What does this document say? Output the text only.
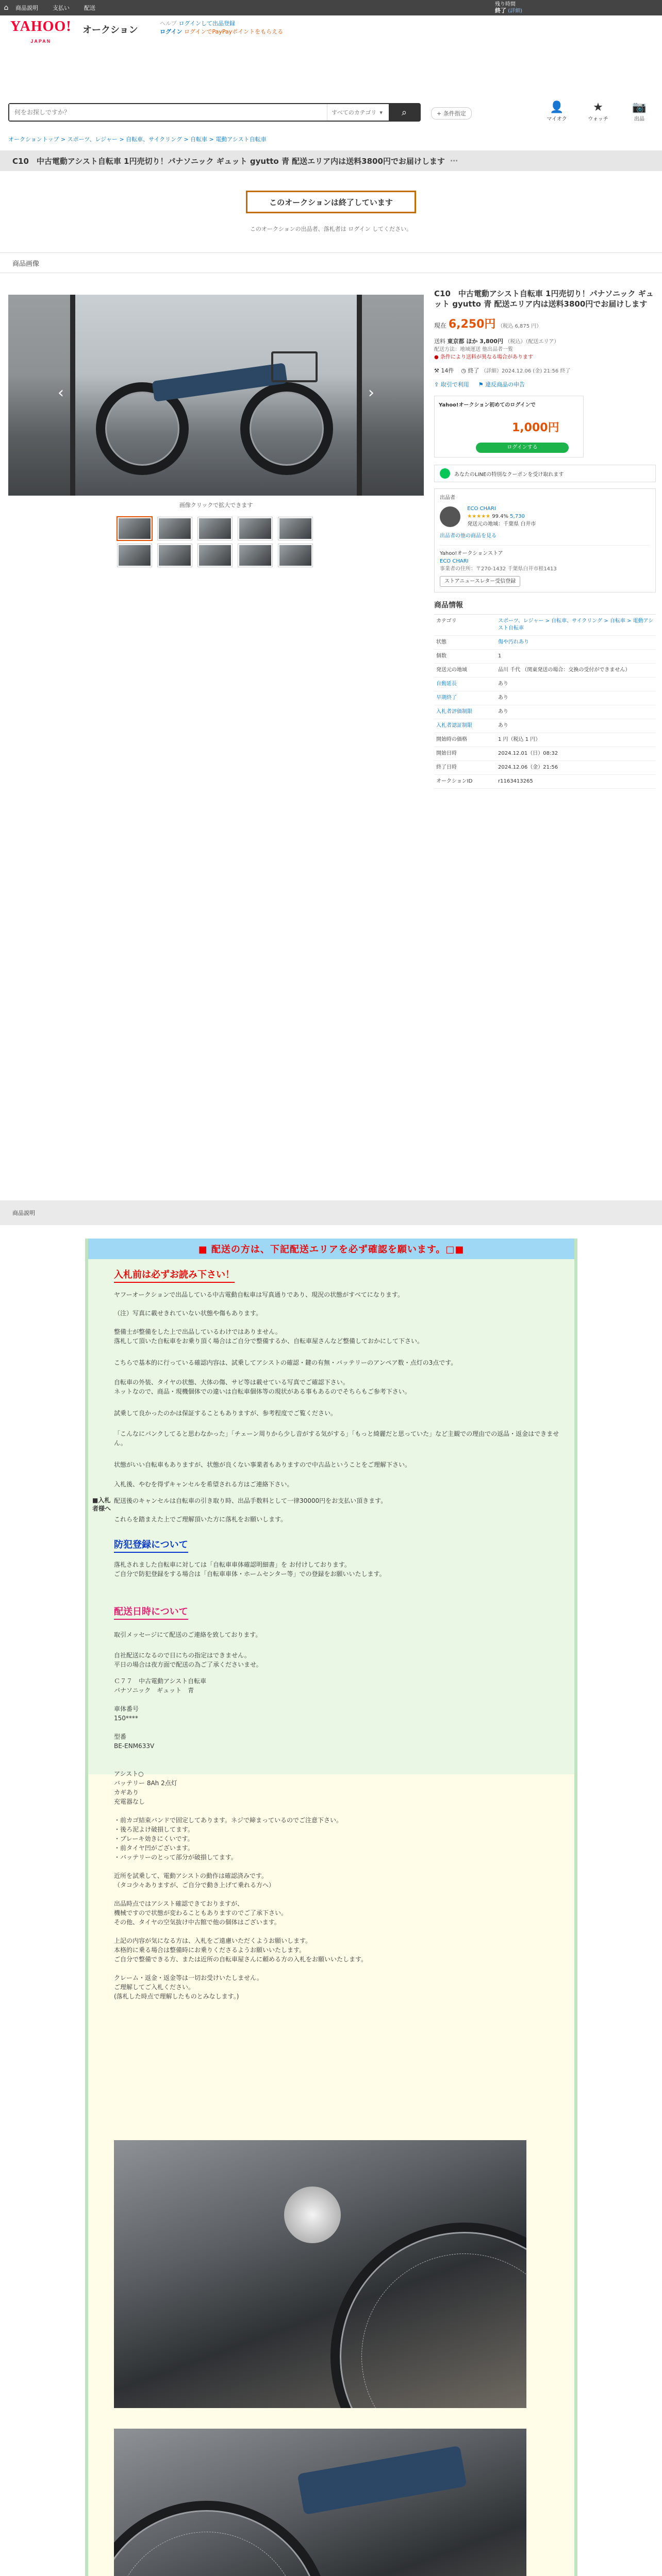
⌂	商品説明	支払い	配送
残り時間
終了 (詳細)
YAHOO!
JAPAN
オークション
ヘルプ ログインして出品登録
ログイン ログインでPayPayポイントをもらえる
何をお探しですか？
すべてのカテゴリ ▾ ⌕	+ 条件指定	👤
マイオク
★
ウォッチ
📷
出品
オークショントップ > スポーツ、レジャー > 自転車、サイクリング > 自転車 > 電動アシスト自転車
C10　中古電動アシスト自転車 1円売切り！パナソニック ギュット gyutto 青 配送エリア内は送料3800円でお届けします ⋯
このオークションは終了しています
このオークションの出品者、落札者は ログイン してください。
商品画像
‹	›
画像クリックで拡大できます
C10　中古電動アシスト自転車 1円売切り！パナソニック ギュット gyutto 青 配送エリア内は送料3800円でお届けします
現在 6,250円 （税込 6,875 円）
送料 東京都 ほか 3,800円 （税込）（配送エリア）
配送方法：地域運送 他出品者一覧
● 条件により送料が異なる場合があります
⚒ 14件 ◷ 終了 （詳細）2024.12.06 (金) 21:56 終了
⇪ 取引で利用 ⚑ 違反商品の申告
Yahoo!オークション初めてのログインで
1,000円
ログインする
あなたのLINEの特別なクーポンを受け取れます
出品者
ECO CHARI
★★★★★ 99.4% 5,730
発送元の地域：千葉県 白井市
出品者の他の商品を見る
Yahoo!オークションストア
ECO CHARI
事業者の住所：〒270-1432 千葉県白井市根1413
ストアニュースレター受信登録
商品情報
カテゴリ	スポーツ、レジャー > 自転車、サイクリング > 自転車 > 電動アシスト自転車
状態	傷や汚れあり
個数	1
発送元の地域	品川 千代 （関東発送の場合：交換の受付ができません）
自動延長	あり
早期終了	あり
入札者評価制限	あり
入札者認証制限	あり
開始時の価格	1 円（税込 1 円）
開始日時	2024.12.01（日）08:32
終了日時	2024.12.06（金）21:56
オークションID	r1163413265
商品説明
■ 配送の方は、下記配送エリアを必ず確認を願います。□■
■入札者様へ
入札前は必ずお読み下さい！
ヤフーオークションで出品している中古電動自転車は写真通りであり、現況の状態がすべてになります。
（注）写真に載せきれていない状態や傷もあります。
整備士が整備をした上で出品しているわけではありません。
落札して頂いた自転車をお乗り頂く場合はご自分で整備するか、自転車屋さんなど整備しておかにして下さい。
こちらで基本的に行っている確認内容は、試乗してアシストの確認・鍵の有無・バッテリーのアンペア数・点灯の3点です。
自転車の外装、タイヤの状態、大体の傷、サビ等は載せている写真でご確認下さい。
ネットなので、商品・現機個体での違いは自転車個体等の現状がある事もあるのでそちらもご参考下さい。
試乗して良かったのかは保証することもありますが、参考程度でご覧ください。
「こんなにパンクしてると思わなかった」「チェーン周りから少し音がする気がする」「もっと綺麗だと思っていた」など主観での理由での返品・返金はできません。
状態がいい自転車もありますが、状態が良くない事業者もありますので中古品ということをご理解下さい。
入札後、やむを得ずキャンセルを希望される方はご連絡下さい。
配送後のキャンセルは自転車の引き取り時、出品手数料として一律30000円をお支払い頂きます。
これらを踏まえた上でご理解頂いた方に落札をお願いします。
防犯登録について
落札されました自転車に対しては「自転車車体確認明細書」を お付けしております。
ご自分で防犯登録をする場合は「自転車車体・ホームセンター等」での登録をお願いいたします。
配送日時について
取引メッセージにて配送のご連絡を致しております。
自社配送になるので日にちの指定はできません。
平日の場合は夜方面で配送の為ご了承くださいませ。
Ｃ７７　中古電動アシスト自転車
パナソニック　ギュット　青

車体番号
150****

型番
BE-ENM633V

アシスト○
バッテリー 8Ah 2点灯
カギあり
充電器なし

・前カゴ結束バンドで固定してあります。ネジで締まっているのでご注意下さい。
・後ろ泥よけ破損してます。
・ブレーキ効きにくいです。
・前タイヤ凹がございます。
・バッテリーのとって部分が破損してます。

近所を試乗して、電動アシストの動作は確認済みです。
（タコ少々ありますが、ご自分で動き上げて乗れる方へ）

出品時点ではアシスト確認できておりますが、
機械ですので状態が変わることもありますのでご了承下さい。
その他、タイヤの空気抜け中古館で他の個体はございます。

上記の内容が気になる方は、入札をご遠慮いただくようお願いします。
本格的に乗る場合は整備時にお乗りくださるようお願いいたします。
ご自分で整備できる方、または近所の自転車屋さんに頼める方の入札をお願いいたします。

クレーム・返金・返金等は一切お受けいたしません。
ご理解してご入札ください。
(落札した時点で理解したものとみなします。)
